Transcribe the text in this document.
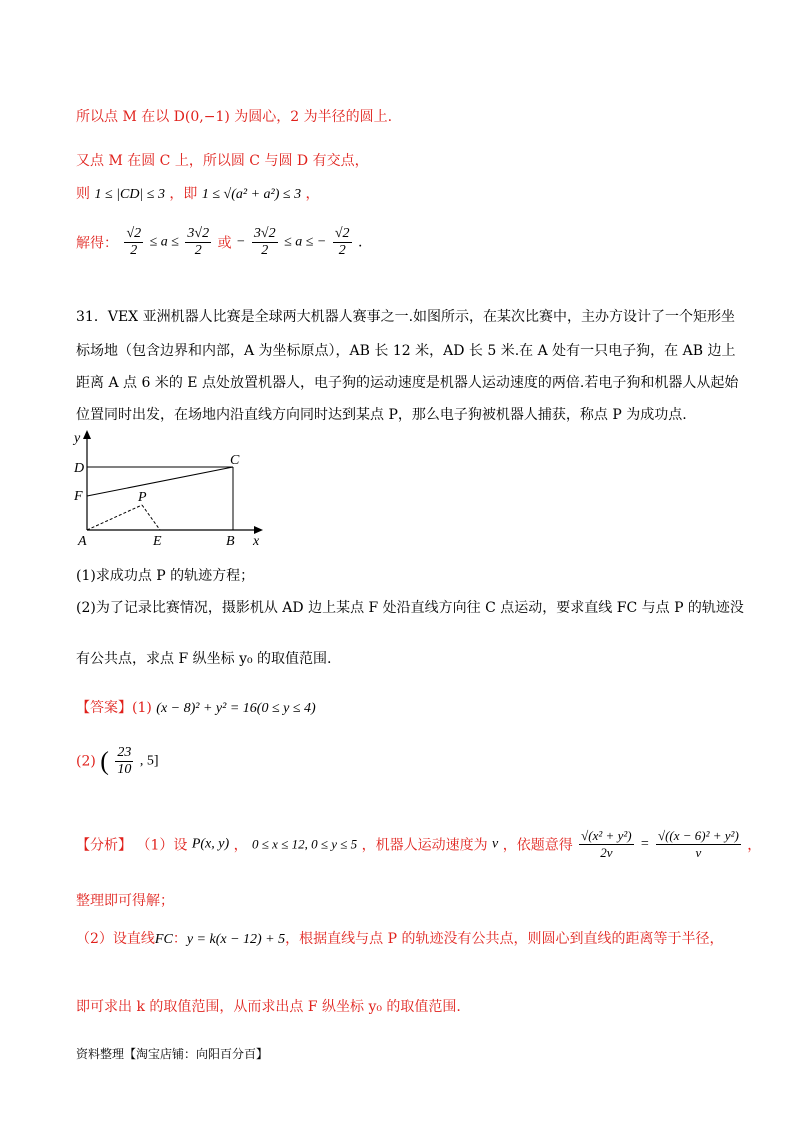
所以点 M 在以 D(0,−1) 为圆心，2 为半径的圆上.
又点 M 在圆 C 上，所以圆 C 与圆 D 有交点，
则 1 ≤ |CD| ≤ 3 ，即 1 ≤ √(a² + a²) ≤ 3 ，
解得： $\frac{√2}{2} \le a \le \frac{3√2}{2}$ 或 − $\frac{3√2}{2} \le a$ ≤ − $\frac{√2}{2}$ .
31．VEX 亚洲机器人比赛是全球两大机器人赛事之一.如图所示，在某次比赛中，主办方设计了一个矩形坐
标场地（包含边界和内部，A 为坐标原点），AB 长 12 米，AD 长 5 米.在 A 处有一只电子狗，在 AB 边上
距离 A 点 6 米的 E 点处放置机器人，电子狗的运动速度是机器人运动速度的两倍.若电子狗和机器人从起始
位置同时出发，在场地内沿直线方向同时达到某点 P，那么电子狗被机器人捕获，称点 P 为成功点.
y
D
C
F	P
A	E	B x
(1)求成功点 P 的轨迹方程；
(2)为了记录比赛情况，摄影机从 AD 边上某点 F 处沿直线方向往 C 点运动，要求直线 FC 与点 P 的轨迹没
有公共点，求点 F 纵坐标 y₀ 的取值范围.
【答案】(1) (x − 8)² + y² = 16(0 ≤ y ≤ 4)
(2) ( $\frac{23}{10}$ , 5]
【分析】 （1）设 P(x, y) ， 0 ≤ x ≤ 12, 0 ≤ y ≤ 5 ，机器人运动速度为 v ，依题意得 $\frac{\text{√(x² + y²)}}{2v} = \frac{\text{√((x − 6)² + y²)}}{v}$ ，
整理即可得解；
（2）设直线FC：y = k(x − 12) + 5，根据直线与点 P 的轨迹没有公共点，则圆心到直线的距离等于半径，
即可求出 k 的取值范围，从而求出点 F 纵坐标 y₀ 的取值范围.
资料整理【淘宝店铺：向阳百分百】
